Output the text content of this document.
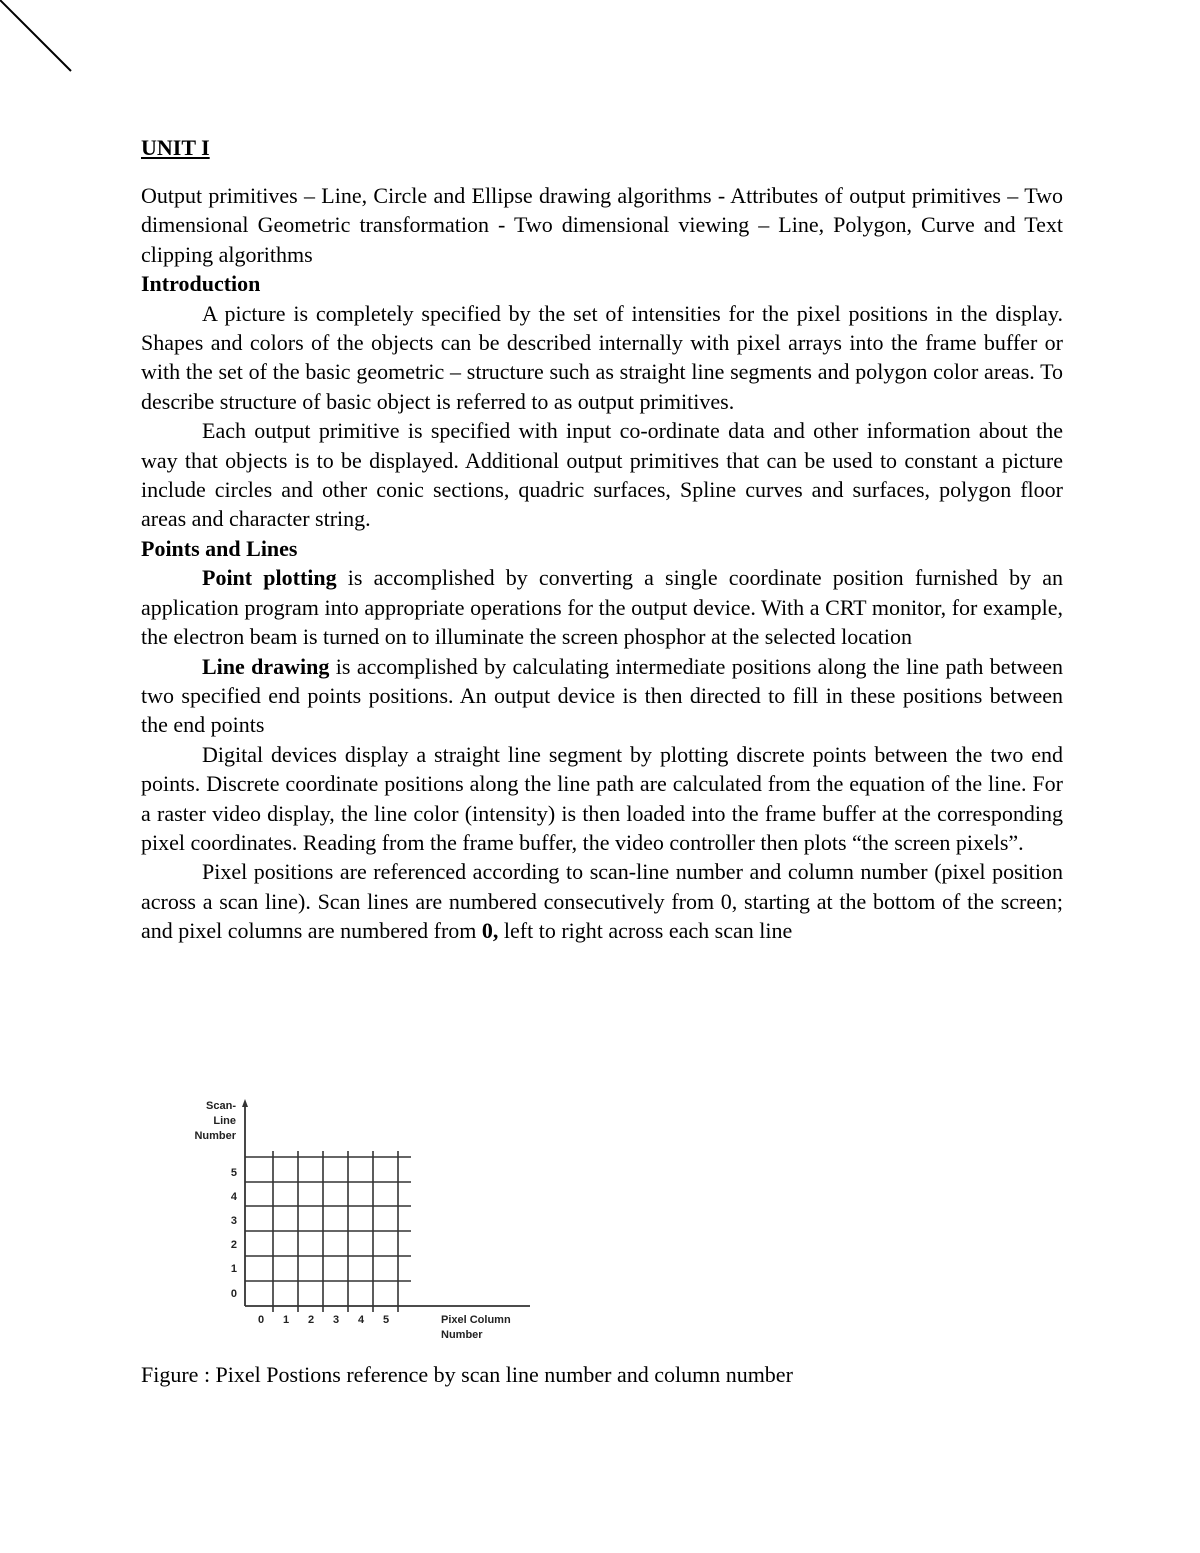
UNIT I

Output primitives – Line, Circle and Ellipse drawing algorithms - Attributes of output primitives – Two dimensional Geometric transformation - Two dimensional viewing – Line, Polygon, Curve and Text clipping algorithms

Introduction

A picture is completely specified by the set of intensities for the pixel positions in the display. Shapes and colors of the objects can be described internally with pixel arrays into the frame buffer or with the set of the basic geometric – structure such as straight line segments and polygon color areas. To describe structure of basic object is referred to as output primitives.

Each output primitive is specified with input co-ordinate data and other information about the way that objects is to be displayed. Additional output primitives that can be used to constant a picture include circles and other conic sections, quadric surfaces, Spline curves and surfaces, polygon floor areas and character string.

Points and Lines

Point plotting is accomplished by converting a single coordinate position furnished by an application program into appropriate operations for the output device. With a CRT monitor, for example, the electron beam is turned on to illuminate the screen phosphor at the selected location

Line drawing is accomplished by calculating intermediate positions along the line path between two specified end points positions. An output device is then directed to fill in these positions between the end points

Digital devices display a straight line segment by plotting discrete points between the two end points. Discrete coordinate positions along the line path are calculated from the equation of the line. For a raster video display, the line color (intensity) is then loaded into the frame buffer at the corresponding pixel coordinates. Reading from the frame buffer, the video controller then plots “the screen pixels”.

Pixel positions are referenced according to scan-line number and column number (pixel position across a scan line). Scan lines are numbered consecutively from 0, starting at the bottom of the screen; and pixel columns are numbered from 0, left to right across each scan line

Scan-
Line
Number
0
1
2
3
4
5
0 1 2 3 4 5	Pixel Column
Number
Figure : Pixel Postions reference by scan line number and column number
